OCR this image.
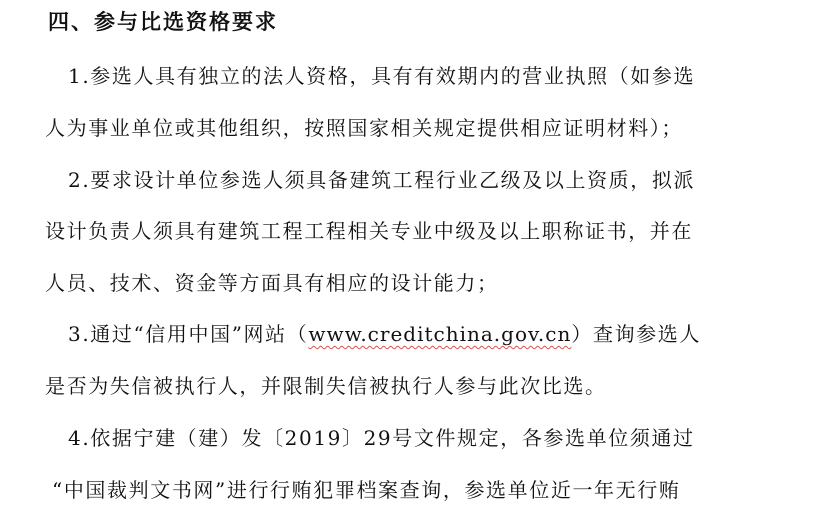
四、参与比选资格要求
1.参选人具有独立的法人资格，具有有效期内的营业执照（如参选
人为事业单位或其他组织，按照国家相关规定提供相应证明材料）；
2.要求设计单位参选人须具备建筑工程行业乙级及以上资质，拟派
设计负责人须具有建筑工程工程相关专业中级及以上职称证书，并在
人员、技术、资金等方面具有相应的设计能力；
3.通过“信用中国”网站（www.creditchina.gov.cn）查询参选人
是否为失信被执行人，并限制失信被执行人参与此次比选。
4.依据宁建（建）发〔2019〕29号文件规定，各参选单位须通过
“中国裁判文书网”进行行贿犯罪档案查询，参选单位近一年无行贿
